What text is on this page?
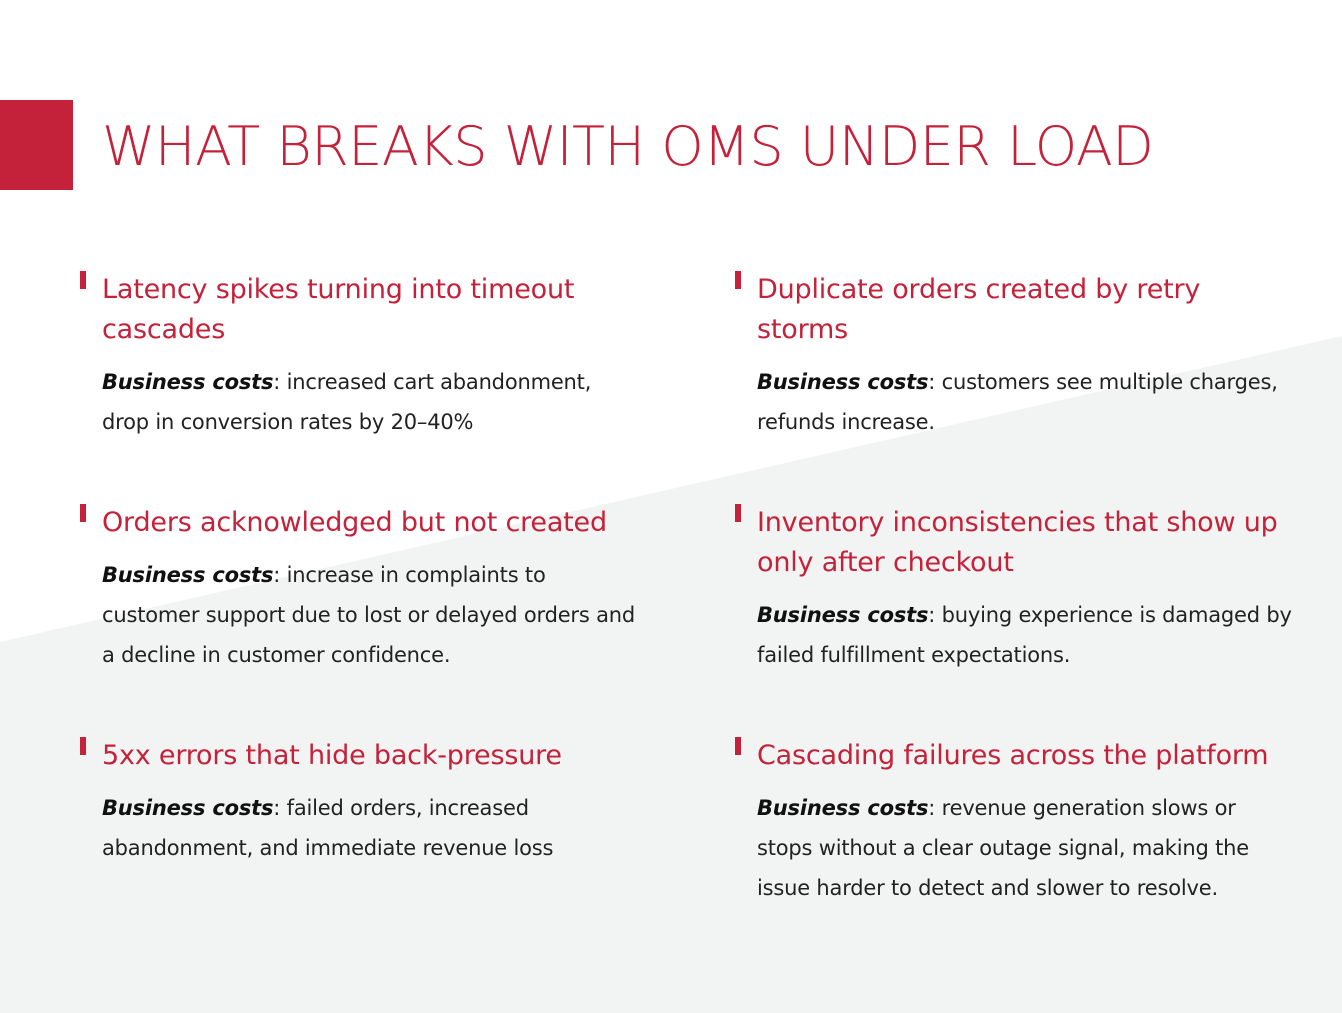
WHAT BREAKS WITH OMS UNDER LOAD
Latency spikes turning into timeout cascades

Business costs: increased cart abandonment, drop in conversion rates by 20–40%

Duplicate orders created by retry storms

Business costs: customers see multiple charges, refunds increase.

Orders acknowledged but not created

Business costs: increase in complaints to customer support due to lost or delayed orders and a decline in customer confidence.

Inventory inconsistencies that show up only after checkout

Business costs: buying experience is damaged by failed fulfillment expectations.

5xx errors that hide back-pressure

Business costs: failed orders, increased abandonment, and immediate revenue loss

Cascading failures across the platform

Business costs: revenue generation slows or stops without a clear outage signal, making the issue harder to detect and slower to resolve.
